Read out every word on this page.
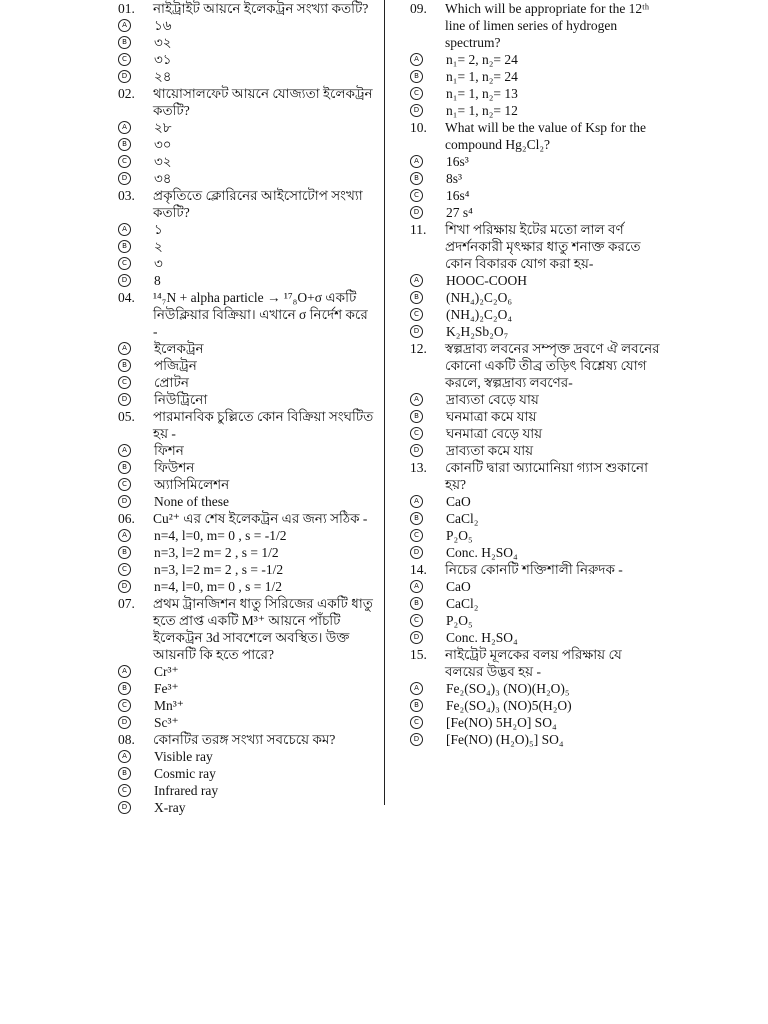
01.	নাইট্রাইট আয়নে ইলেকট্রন সংখ্যা কতটি?
A	১৬
B	৩২
C	৩১
D ২৪
02.	থায়োসালফেট আয়নে যোজ্যতা ইলেকট্রন কতটি?
A	২৮
B	৩০
C	৩২
D ৩৪
03.	প্রকৃতিতে ক্লোরিনের আইসোটোপ সংখ্যা কতটি?
A	১
B	২
C	৩
D 8
04.	¹⁴₇N + alpha particle → ¹⁷₈O+σ একটি নিউক্লিয়ার বিক্রিয়া। এখানে σ নির্দেশ করে -
A	ইলেকট্রন
B	পজিট্রন
C	প্রোটন
D নিউট্রিনো
05.	পারমানবিক চুল্লিতে কোন বিক্রিয়া সংঘটিত হয় -
A	ফিশন
B	ফিউশন
C	অ্যাসিমিলেশন
D None of these
06.	Cu²⁺ এর শেষ ইলেকট্রন এর জন্য সঠিক -
A	n=4, l=0, m= 0 , s = -1/2
B	n=3, l=2 m= 2 , s = 1/2
C	n=3, l=2 m= 2 , s = -1/2
D n=4, l=0, m= 0 , s = 1/2
07.	প্রথম ট্রানজিশন ধাতু সিরিজের একটি ধাতু হতে প্রাপ্ত একটি M³⁺ আয়নে পাঁচটি ইলেকট্রন 3d সাবশেলে অবস্থিত। উক্ত আয়নটি কি হতে পারে?
A	Cr³⁺
B	Fe³⁺
C	Mn³⁺
D Sc³⁺
08.	কোনটির তরঙ্গ সংখ্যা সবচেয়ে কম?
A	Visible ray
B	Cosmic ray
C	Infrared ray
D X-ray
09.	Which will be appropriate for the 12ᵗʰ line of limen series of hydrogen spectrum?
A	n₁= 2, n₂= 24
B	n₁= 1, n₂= 24
C	n₁= 1, n₂= 13
D n₁= 1, n₂= 12
10.	What will be the value of Ksp for the compound Hg₂Cl₂?
A	16s³
B	8s³
C	16s⁴
D 27 s⁴
11.	শিখা পরিক্ষায় ইটের মতো লাল বর্ণ প্রদর্শনকারী মৃৎক্ষার ধাতু শনাক্ত করতে কোন বিকারক যোগ করা হয়-
A	HOOC-COOH
B	(NH₄)₂C₂O₆
C	(NH₄)₂C₂O₄
D K₂H₂Sb₂O₇
12.	স্বল্পদ্রাব্য লবনের সম্পৃক্ত দ্রবণে ঐ লবনের কোনো একটি তীব্র তড়িৎ বিশ্লেষ্য যোগ করলে, স্বল্পদ্রাব্য লবণের-
A	দ্রাব্যতা বেড়ে যায়
B	ঘনমাত্রা কমে যায়
C	ঘনমাত্রা বেড়ে যায়
D দ্রাব্যতা কমে যায়
13.	কোনটি দ্বারা অ্যামোনিয়া গ্যাস শুকানো হয়?
A	CaO
B	CaCl₂
C	P₂O₅
D Conc. H₂SO₄
14.	নিচের কোনটি শক্তিশালী নিরুদক -
A	CaO
B	CaCl₂
C	P₂O₅
D Conc. H₂SO₄
15.	নাইট্রেট মূলকের বলয় পরিক্ষায় যে বলয়ের উদ্ভব হয় -
A	Fe₂(SO₄)₃ (NO)(H₂O)₅
B	Fe₂(SO₄)₃ (NO)5(H₂O)
C	[Fe(NO) 5H₂O] SO₄
D [Fe(NO) (H₂O)₅] SO₄
